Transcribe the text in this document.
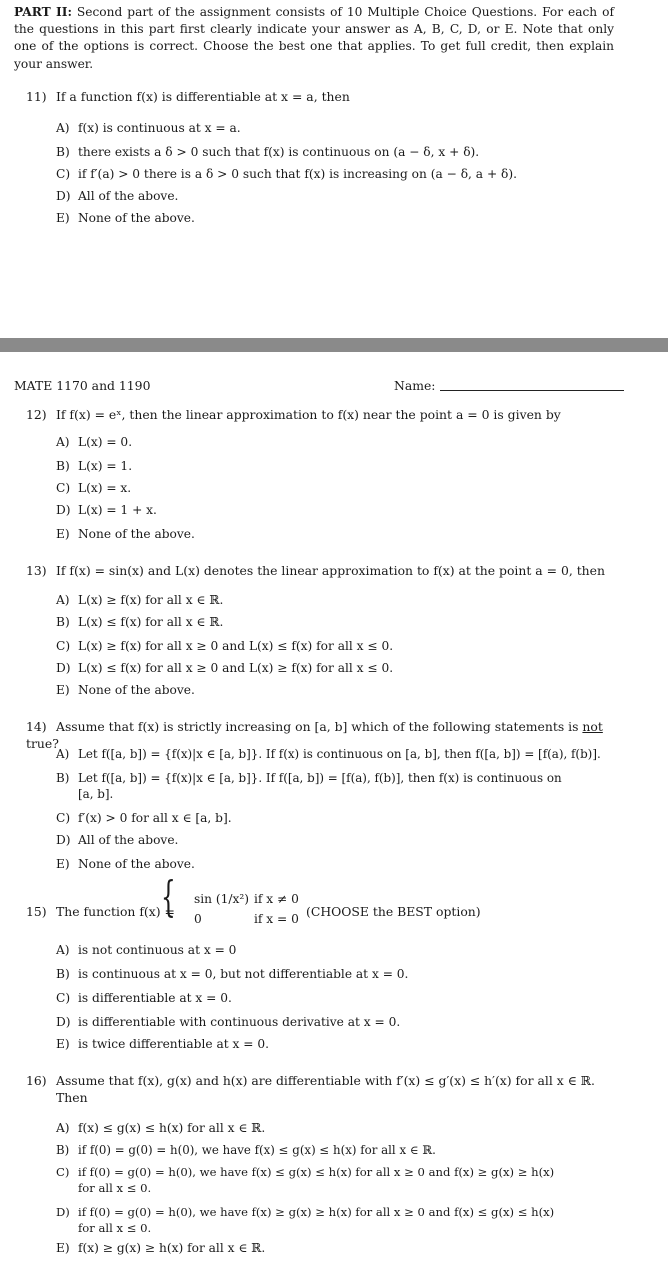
PART II: Second part of the assignment consists of 10 Multiple Choice Questions. For each of the questions in this part first clearly indicate your answer as A, B, C, D, or E. Note that only one of the options is correct. Choose the best one that applies. To get full credit, then explain your answer.
11) If a function f(x) is differentiable at x = a, then
A) f(x) is continuous at x = a.
B) there exists a δ > 0 such that f(x) is continuous on (a − δ, x + δ).
C) if f′(a) > 0 there is a δ > 0 such that f(x) is increasing on (a − δ, a + δ).
D) All of the above.
E) None of the above.
MATE 1170 and 1190	Name:
12) If f(x) = eˣ, then the linear approximation to f(x) near the point a = 0 is given by
A) L(x) = 0.
B) L(x) = 1.
C) L(x) = x.
D) L(x) = 1 + x.
E) None of the above.
13) If f(x) = sin(x) and L(x) denotes the linear approximation to f(x) at the point a = 0, then
A) L(x) ≥ f(x) for all x ∈ ℝ.
B) L(x) ≤ f(x) for all x ∈ ℝ.
C) L(x) ≥ f(x) for all x ≥ 0 and L(x) ≤ f(x) for all x ≤ 0.
D) L(x) ≤ f(x) for all x ≥ 0 and L(x) ≥ f(x) for all x ≤ 0.
E) None of the above.
14) Assume that f(x) is strictly increasing on [a, b] which of the following statements is not true?
A) Let f([a, b]) = {f(x)|x ∈ [a, b]}. If f(x) is continuous on [a, b], then f([a, b]) = [f(a), f(b)].
B) Let f([a, b]) = {f(x)|x ∈ [a, b]}. If f([a, b]) = [f(a), f(b)], then f(x) is continuous on
[a, b].
C) f′(x) > 0 for all x ∈ [a, b].
D) All of the above.
E) None of the above.
15) The function f(x) =
{ sin (1/x²) if x ≠ 0
0	if x = 0 (CHOOSE the BEST option)
A) is not continuous at x = 0
B) is continuous at x = 0, but not differentiable at x = 0.
C) is differentiable at x = 0.
D) is differentiable with continuous derivative at x = 0.
E) is twice differentiable at x = 0.
16) Assume that f(x), g(x) and h(x) are differentiable with f′(x) ≤ g′(x) ≤ h′(x) for all x ∈ ℝ.
Then
A) f(x) ≤ g(x) ≤ h(x) for all x ∈ ℝ.
B) if f(0) = g(0) = h(0), we have f(x) ≤ g(x) ≤ h(x) for all x ∈ ℝ.
C) if f(0) = g(0) = h(0), we have f(x) ≤ g(x) ≤ h(x) for all x ≥ 0 and f(x) ≥ g(x) ≥ h(x)
for all x ≤ 0.
D) if f(0) = g(0) = h(0), we have f(x) ≥ g(x) ≥ h(x) for all x ≥ 0 and f(x) ≤ g(x) ≤ h(x)
for all x ≤ 0.
E) f(x) ≥ g(x) ≥ h(x) for all x ∈ ℝ.
